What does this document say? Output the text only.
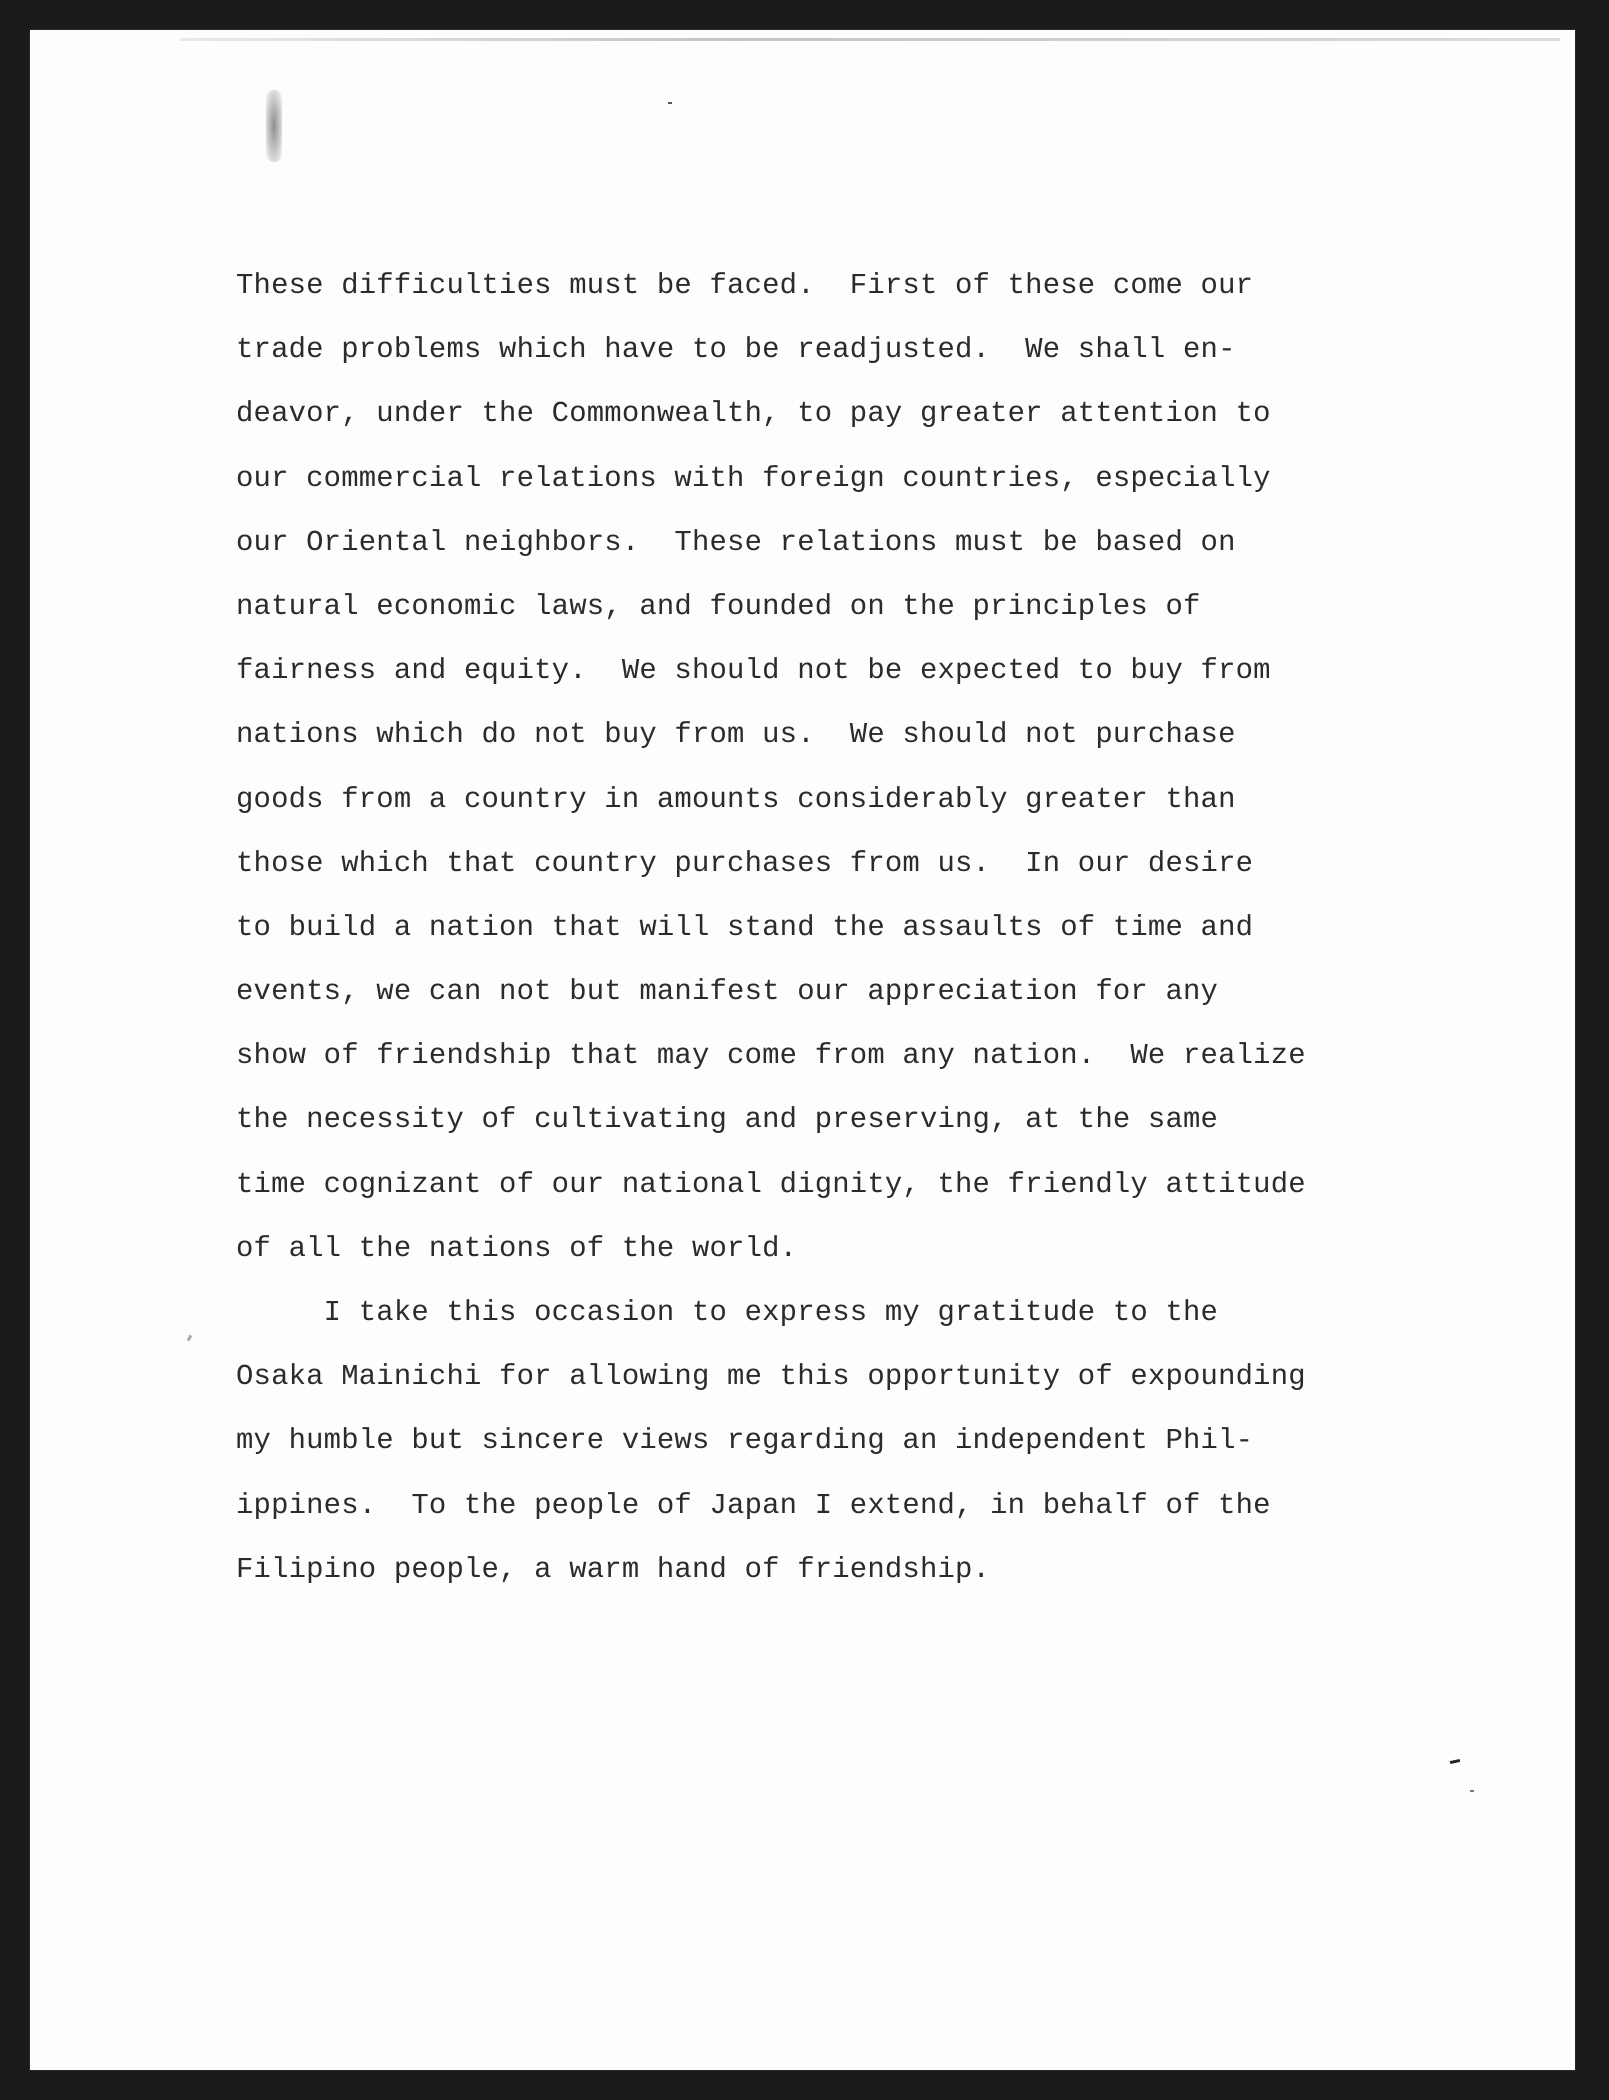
These difficulties must be faced.  First of these come our
trade problems which have to be readjusted.  We shall en-
deavor, under the Commonwealth, to pay greater attention to
our commercial relations with foreign countries, especially
our Oriental neighbors.  These relations must be based on
natural economic laws, and founded on the principles of
fairness and equity.  We should not be expected to buy from
nations which do not buy from us.  We should not purchase
goods from a country in amounts considerably greater than
those which that country purchases from us.  In our desire
to build a nation that will stand the assaults of time and
events, we can not but manifest our appreciation for any
show of friendship that may come from any nation.  We realize
the necessity of cultivating and preserving, at the same
time cognizant of our national dignity, the friendly attitude
of all the nations of the world.
I take this occasion to express my gratitude to the
Osaka Mainichi for allowing me this opportunity of expounding
my humble but sincere views regarding an independent Phil-
ippines.  To the people of Japan I extend, in behalf of the
Filipino people, a warm hand of friendship.
